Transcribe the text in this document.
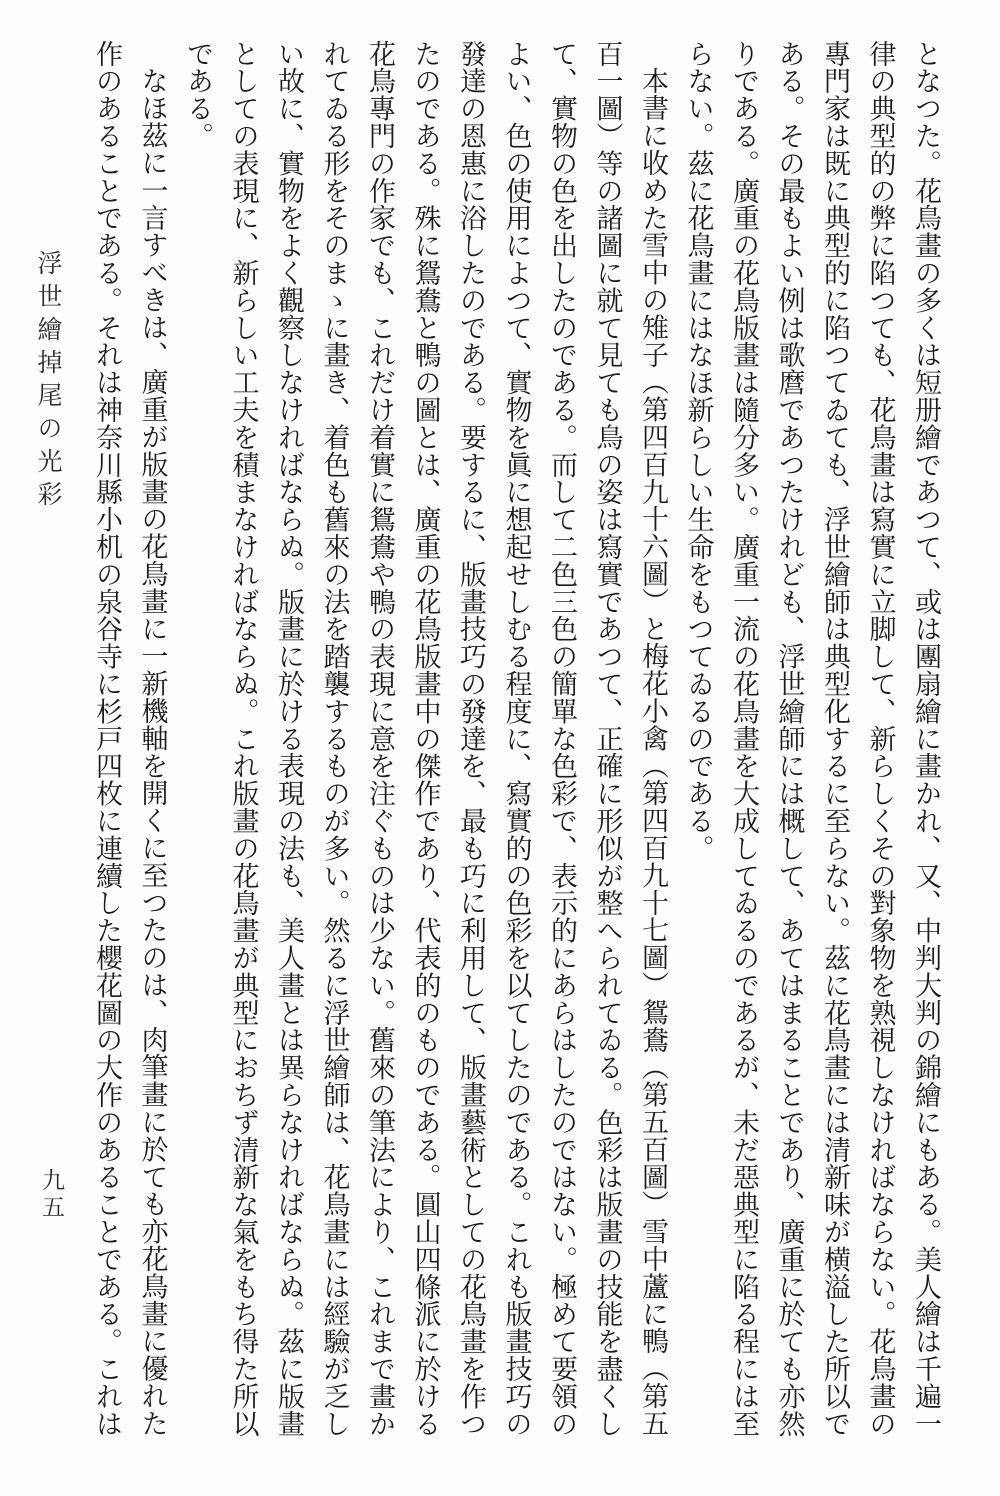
となつた。花鳥畫の多くは短册繪であつて、或は團扇繪に畫かれ、又、中判大判の錦繪にもある。美人繪は千遍一律の典型的の弊に陷つても、花鳥畫は寫實に立脚して、新らしくその對象物を熟視しなければならない。花鳥畫の專門家は既に典型的に陷つてゐても、浮世繪師は典型化するに至らない。茲に花鳥畫には清新味が横溢した所以である。その最もよい例は歌麿であつたけれども、浮世繪師には概して、あてはまることであり、廣重に於ても亦然りである。廣重の花鳥版畫は隨分多い。廣重一流の花鳥畫を大成してゐるのであるが、未だ惡典型に陷る程には至らない。茲に花鳥畫にはなほ新らしい生命をもつてゐるのである。

本書に收めた雪中の雉子（第四百九十六圖）と梅花小禽（第四百九十七圖）鴛鴦（第五百圖）雪中蘆に鴨（第五百一圖）等の諸圖に就て見ても鳥の姿は寫實であつて、正確に形似が整へられてゐる。色彩は版畫の技能を盡くして、實物の色を出したのである。而して二色三色の簡單な色彩で、表示的にあらはしたのではない。極めて要領のよい、色の使用によつて、實物を眞に想起せしむる程度に、寫實的の色彩を以てしたのである。これも版畫技巧の發達の恩惠に浴したのである。要するに、版畫技巧の發達を、最も巧に利用して、版畫藝術としての花鳥畫を作つたのである。殊に鴛鴦と鴨の圖とは、廣重の花鳥版畫中の傑作であり、代表的のものである。圓山四條派に於ける花鳥專門の作家でも、これだけ着實に鴛鴦や鴨の表現に意を注ぐものは少ない。舊來の筆法により、これまで畫かれてゐる形をそのまゝに畫き、着色も舊來の法を踏襲するものが多い。然るに浮世繪師は、花鳥畫には經驗が乏しい故に、實物をよく觀察しなければならぬ。版畫に於ける表現の法も、美人畫とは異らなければならぬ。茲に版畫としての表現に、新らしい工夫を積まなければならぬ。これ版畫の花鳥畫が典型におちず清新な氣をもち得た所以である。

なほ茲に一言すべきは、廣重が版畫の花鳥畫に一新機軸を開くに至つたのは、肉筆畫に於ても亦花鳥畫に優れた作のあることである。それは神奈川縣小机の泉谷寺に杉戸四枚に連續した櫻花圖の大作のあることである。これは

浮世繪掉尾の光彩
九五
